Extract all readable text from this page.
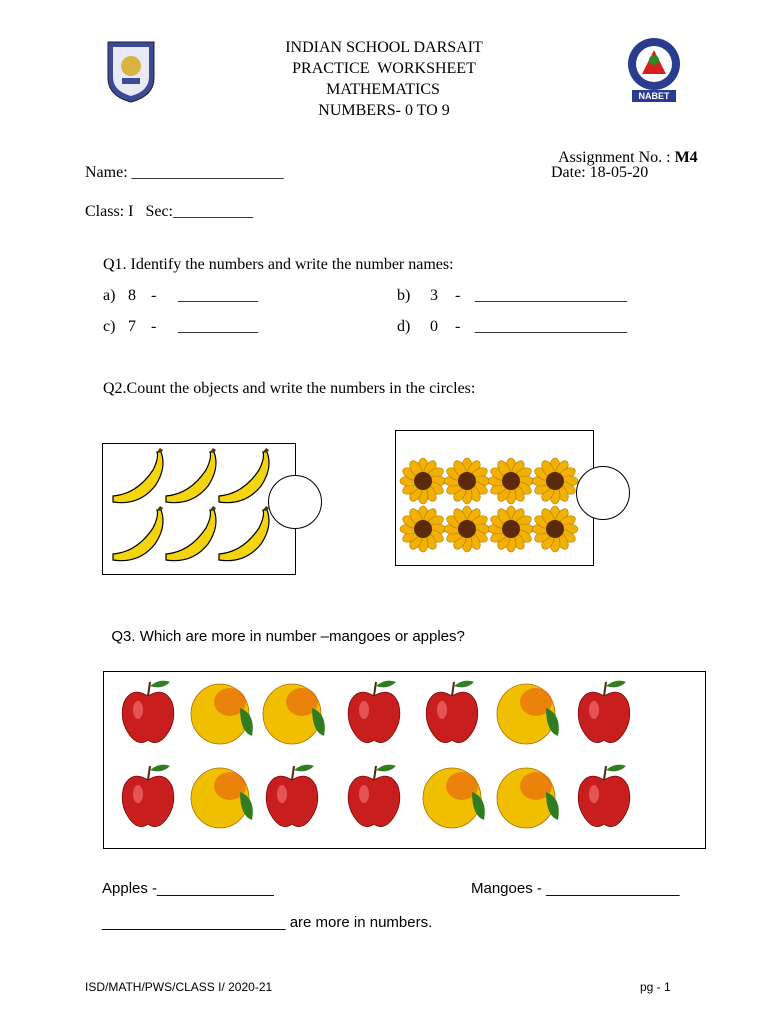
NABET
INDIAN SCHOOL DARSAIT
PRACTICE  WORKSHEET
MATHEMATICS
NUMBERS- 0 TO 9

Assignment No. : M4

Name: ___________________	Date: 18-05-20
Class: I   Sec:__________
Q1. Identify the numbers and write the number names:
a) 8 - __________	b) 3 - ___________________
c) 7 - __________	d) 0 - ___________________
Q2.Count the objects and write the numbers in the circles:

Q3. Which are more in number –mangoes or apples?

Apples -______________	Mangoes - ________________
______________________ are more in numbers.
ISD/MATH/PWS/CLASS I/ 2020-21	pg - 1
